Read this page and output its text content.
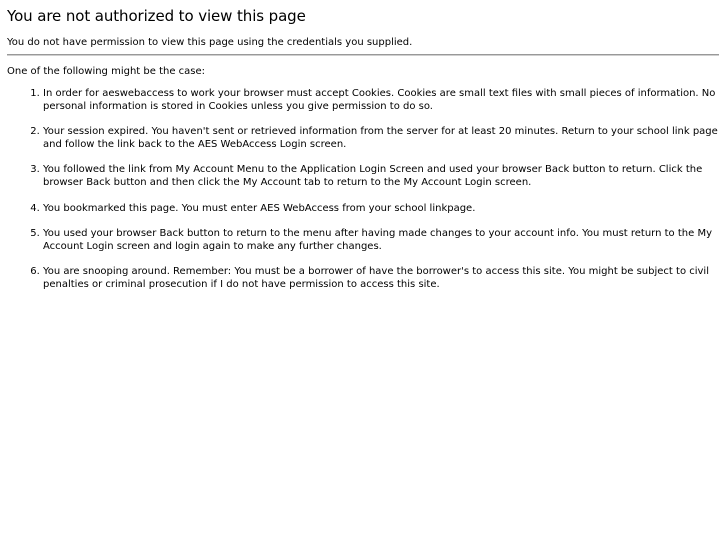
You are not authorized to view this page

You do not have permission to view this page using the credentials you supplied.

One of the following might be the case:

1. In order for aeswebaccess to work your browser must accept Cookies. Cookies are small text files with small pieces of information. No personal information is stored in Cookies unless you give permission to do so.
2. Your session expired. You haven't sent or retrieved information from the server for at least 20 minutes. Return to your school link page and follow the link back to the AES WebAccess Login screen.
3. You followed the link from My Account Menu to the Application Login Screen and used your browser Back button to return. Click the browser Back button and then click the My Account tab to return to the My Account Login screen.
4. You bookmarked this page. You must enter AES WebAccess from your school linkpage.
5. You used your browser Back button to return to the menu after having made changes to your account info. You must return to the My Account Login screen and login again to make any further changes.
6. You are snooping around. Remember: You must be a borrower of have the borrower's to access this site. You might be subject to civil penalties or criminal prosecution if I do not have permission to access this site.
